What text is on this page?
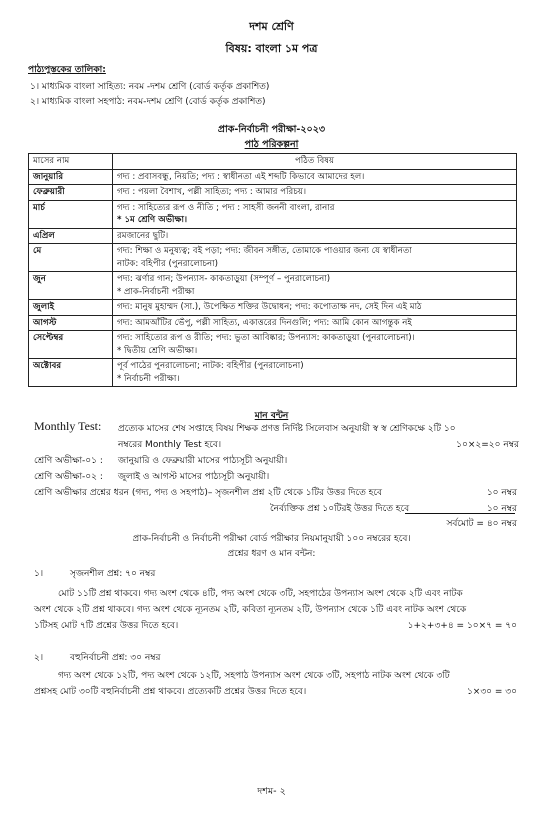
দশম শ্রেণি
বিষয়: বাংলা ১ম পত্র
পাঠ্যপুস্তকের তালিকা:
১। মাধ্যমিক বাংলা সাহিত্য: নবম -দশম শ্রেণি (বোর্ড কর্তৃক প্রকাশিত)
২। মাধ্যমিক বাংলা সহপাঠ: নবম-দশম শ্রেণি (বোর্ড কর্তৃক প্রকাশিত)
প্রাক-নির্বাচনী পরীক্ষা-২০২৩
পাঠ পরিকল্পনা
মাসের নাম	পঠিত বিষয়
জানুয়ারি	গদ্য : প্রবাসবন্ধু, নিয়তি; পদ্য : স্বাধীনতা এই শব্দটি কিভাবে আমাদের হল।

ফেব্রুয়ারী	গদ্য : পয়লা বৈশাখ, পল্লী সাহিত্য; পদ্য : আমার পরিচয়।

মার্চ	গদ্য : সাহিত্যের রূপ ও নীতি ; পদ্য : সাহসী জননী বাংলা, রানার
* ১ম শ্রেণি অভীক্ষা।

এপ্রিল	রমজানের ছুটি।

মে	গদ্য: শিক্ষা ও মনুষ্যত্ব; বই পড়া; পদ্য: জীবন সঙ্গীত, তোমাকে পাওয়ার জন্য যে স্বাধীনতা
নাটক: বহিপীর (পুনরালোচনা)

জুন	পদ্য: ঝর্ণার গান; উপন্যাস- কাকতাড়ুয়া (সম্পূর্ণ – পুনরালোচনা)
* প্রাক-নির্বাচনী পরীক্ষা

জুলাই	গদ্য: মানুষ মুহাম্মদ (সা.), উপেক্ষিত শক্তির উদ্বোধন; পদ্য: কপোতাক্ষ নদ, সেই দিন এই মাঠ

আগস্ট	গদ্য: আমআঁটির ভেঁপু, পল্লী সাহিত্য, একাত্তরের দিনগুলি; পদ্য: আমি কোন আগন্তুক নই

সেপ্টেম্বর	গদ্য: সাহিত্যের রূপ ও রীতি; পদ্য: ভুতা আবিষ্কার; উপন্যাস: কাকতাড়ুয়া (পুনরালোচনা)।
* দ্বিতীয় শ্রেণি অভীক্ষা।

অক্টোবর	পূর্ব পাঠের পুনরালোচনা; নাটক: বহিপীর (পুনরালোচনা)
* নির্বাচনী পরীক্ষা।
মান বন্টন
Monthly Test: প্রত্যেক মাসের শেষ সপ্তাহে বিষয় শিক্ষক প্রণত্ত নির্দিষ্ট সিলেবাস অনুযায়ী স্ব স্ব শ্রেণিকক্ষে ২টি ১০
নম্বরের Monthly Test হবে।	১০×২=২০ নম্বর
শ্রেণি অভীক্ষা-০১ : জানুয়ারি ও ফেব্রুয়ারী মাসের পাঠ্যসূচী অনুযায়ী।
শ্রেণি অভীক্ষা-০২ : জুলাই ও আগস্ট মাসের পাঠ্যসূচী অনুযায়ী।
শ্রেণি অভীক্ষার প্রশ্নের ধরন (গদ্য, পদ্য ও সহপাঠ)– সৃজনশীল প্রশ্ন ২টি থেকে ১টির উত্তর দিতে হবে	১০ নম্বর
নৈর্ব্যক্তিক প্রশ্ন ১০টিরই উত্তর দিতে হবে	১০ নম্বর
সর্বমোট = ৪০ নম্বর
প্রাক-নির্বাচনী ও নির্বাচনী পরীক্ষা বোর্ড পরীক্ষার নিয়মানুযায়ী ১০০ নম্বরের হবে।
প্রশ্নের ধরণ ও মান বন্টন:
১।	সৃজনশীল প্রশ্ন: ৭০ নম্বর
মোট ১১টি প্রশ্ন থাকবে। গদ্য অংশ থেকে ৪টি, পদ্য অংশ থেকে ৩টি, সহপাঠের উপন্যাস অংশ থেকে ২টি এবং নাটক
অংশ থেকে ২টি প্রশ্ন থাকবে। গদ্য অংশ থেকে ন্যূনতম ২টি, কবিতা ন্যূনতম ২টি, উপন্যাস থেকে ১টি এবং নাটক অংশ থেকে
১টিসহ মোট ৭টি প্রশ্নের উত্তর দিতে হবে।	১+২+৩+৪ = ১০×৭ = ৭০
২।	বহুনির্বাচনী প্রশ্ন: ৩০ নম্বর
গদ্য অংশ থেকে ১২টি, পদ্য অংশ থেকে ১২টি, সহপাঠ উপন্যাস অংশ থেকে ৩টি, সহপাঠ নাটক অংশ থেকে ৩টি
প্রশ্নসহ মোট ৩০টি বহুনির্বাচনী প্রশ্ন থাকবে। প্রত্যেকটি প্রশ্নের উত্তর দিতে হবে।	১×৩০ = ৩০
দশম- ২
